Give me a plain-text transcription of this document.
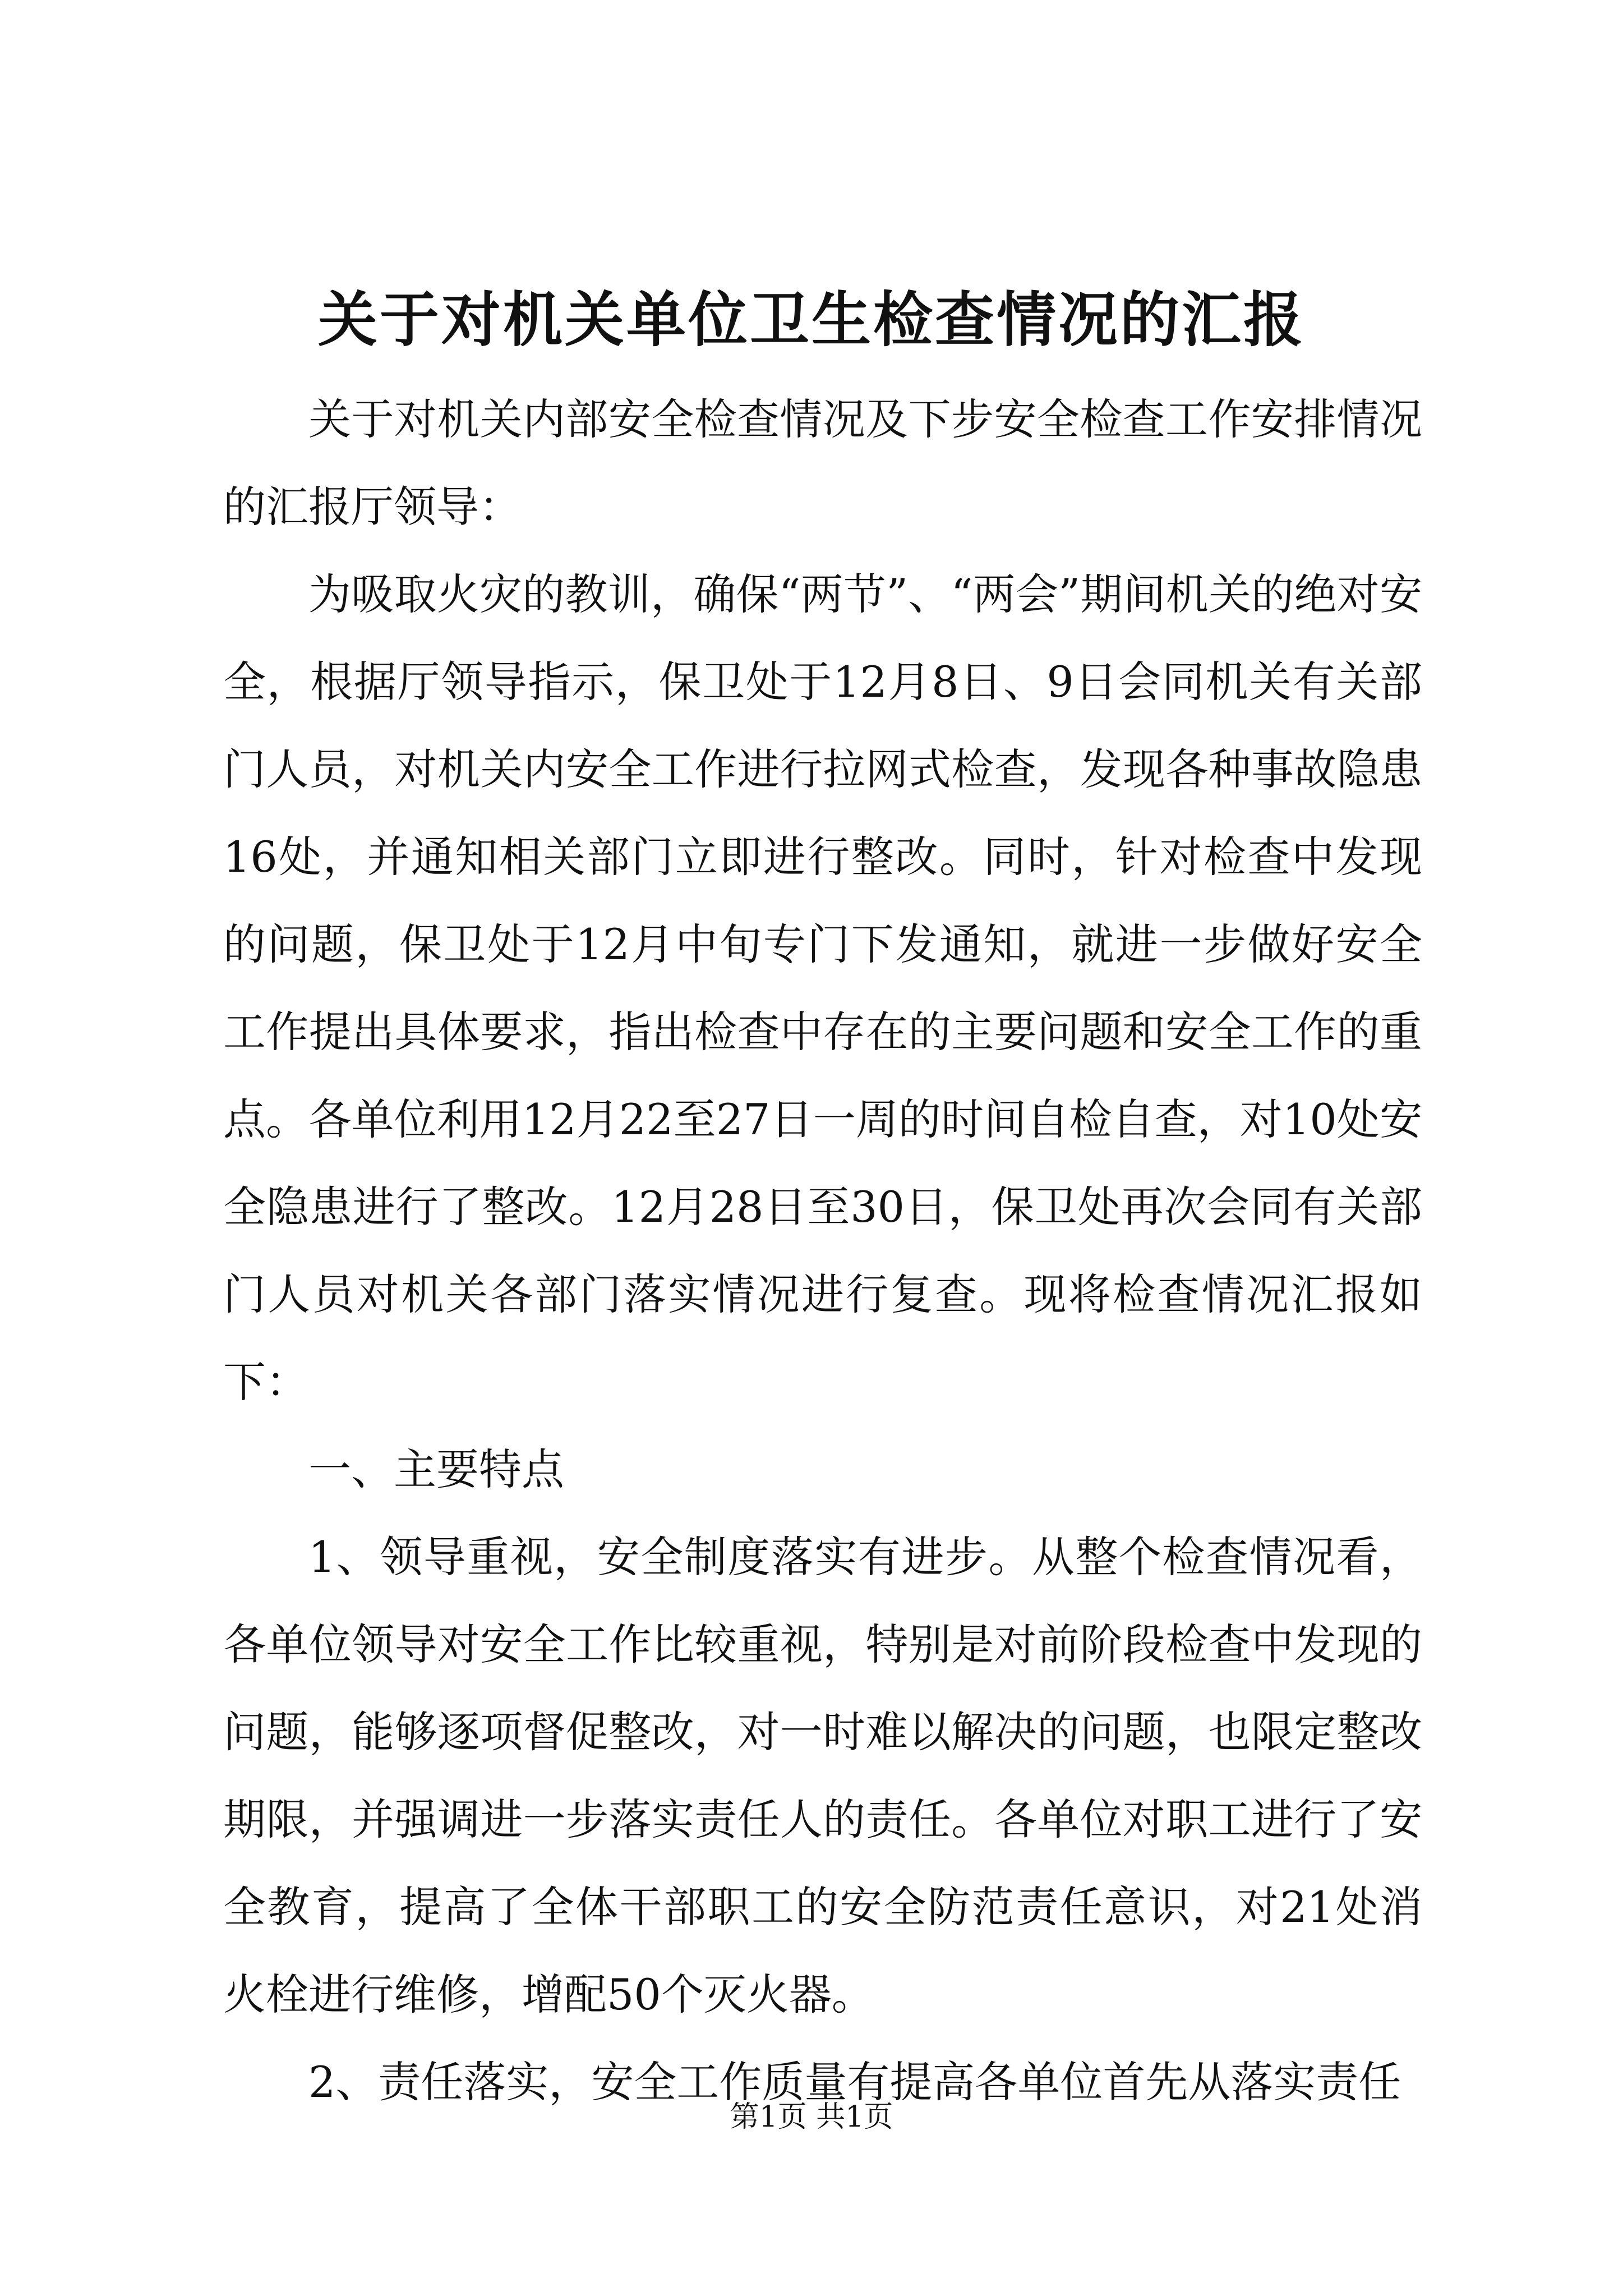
关于对机关单位卫生检查情况的汇报

关于对机关内部安全检查情况及下步安全检查工作安排情况的汇报厅领导：

为吸取火灾的教训，确保“两节”、“两会”期间机关的绝对安全，根据厅领导指示，保卫处于12月8日、9日会同机关有关部门人员，对机关内安全工作进行拉网式检查，发现各种事故隐患16处，并通知相关部门立即进行整改。同时，针对检查中发现的问题，保卫处于12月中旬专门下发通知，就进一步做好安全工作提出具体要求，指出检查中存在的主要问题和安全工作的重点。各单位利用12月22至27日一周的时间自检自查，对10处安全隐患进行了整改。12月28日至30日，保卫处再次会同有关部门人员对机关各部门落实情况进行复查。现将检查情况汇报如下：

一、主要特点

1、领导重视，安全制度落实有进步。从整个检查情况看，各单位领导对安全工作比较重视，特别是对前阶段检查中发现的问题，能够逐项督促整改，对一时难以解决的问题，也限定整改期限，并强调进一步落实责任人的责任。各单位对职工进行了安全教育，提高了全体干部职工的安全防范责任意识，对21处消火栓进行维修，增配50个灭火器。

2、责任落实，安全工作质量有提高各单位首先从落实责任

第1页 共1页
